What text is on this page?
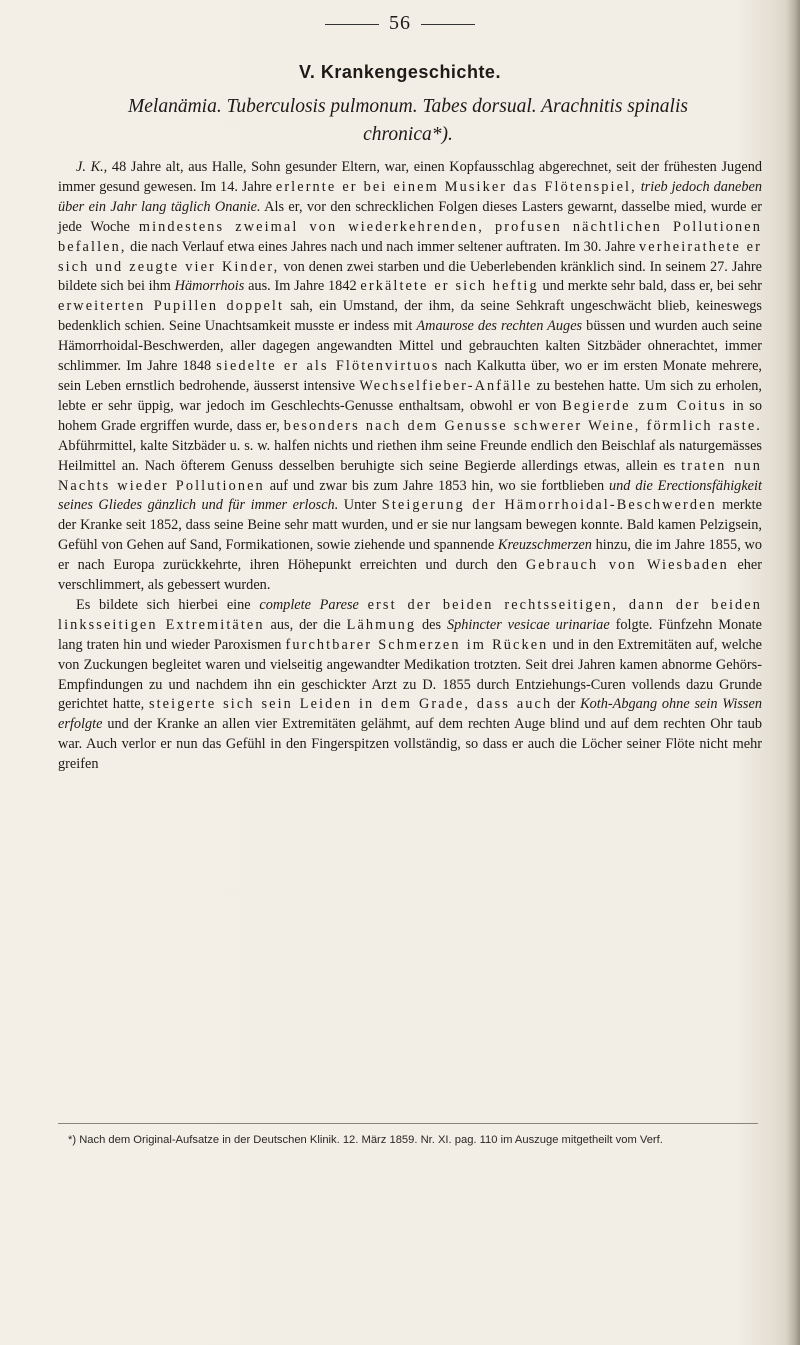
56
V. Krankengeschichte.
Melanämia. Tuberculosis pulmonum. Tabes dorsual. Arachnitis spinalis
chronica*).

J. K., 48 Jahre alt, aus Halle, Sohn gesunder Eltern, war, einen Kopfausschlag abgerechnet, seit der frühesten Jugend immer gesund gewesen. Im 14. Jahre erlernte er bei einem Musiker das Flötenspiel, trieb jedoch daneben über ein Jahr lang täglich Onanie. Als er, vor den schrecklichen Folgen dieses Lasters gewarnt, dasselbe mied, wurde er jede Woche mindestens zweimal von wiederkehrenden, profusen nächtlichen Pollutionen befallen, die nach Verlauf etwa eines Jahres nach und nach immer seltener auftraten. Im 30. Jahre verheirathete er sich und zeugte vier Kinder, von denen zwei starben und die Ueberlebenden kränklich sind. In seinem 27. Jahre bildete sich bei ihm Hämorrhois aus. Im Jahre 1842 erkältete er sich heftig und merkte sehr bald, dass er, bei sehr erweiterten Pupillen doppelt sah, ein Umstand, der ihm, da seine Sehkraft ungeschwächt blieb, keineswegs bedenklich schien. Seine Unachtsamkeit musste er indess mit Amaurose des rechten Auges büssen und wurden auch seine Hämorrhoidal-Beschwerden, aller dagegen angewandten Mittel und gebrauchten kalten Sitzbäder ohnerachtet, immer schlimmer. Im Jahre 1848 siedelte er als Flötenvirtuos nach Kalkutta über, wo er im ersten Monate mehrere, sein Leben ernstlich bedrohende, äusserst intensive Wechselfieber-Anfälle zu bestehen hatte. Um sich zu erholen, lebte er sehr üppig, war jedoch im Geschlechts-Genusse enthaltsam, obwohl er von Begierde zum Coitus in so hohem Grade ergriffen wurde, dass er, besonders nach dem Genusse schwerer Weine, förmlich raste. Abführmittel, kalte Sitzbäder u. s. w. halfen nichts und riethen ihm seine Freunde endlich den Beischlaf als naturgemässes Heilmittel an. Nach öfterem Genuss desselben beruhigte sich seine Begierde allerdings etwas, allein es traten nun Nachts wieder Pollutionen auf und zwar bis zum Jahre 1853 hin, wo sie fortblieben und die Erectionsfähigkeit seines Gliedes gänzlich und für immer erlosch. Unter Steigerung der Hämorrhoidal-Beschwerden merkte der Kranke seit 1852, dass seine Beine sehr matt wurden, und er sie nur langsam bewegen konnte. Bald kamen Pelzigsein, Gefühl von Gehen auf Sand, Formikationen, sowie ziehende und spannende Kreuzschmerzen hinzu, die im Jahre 1855, wo er nach Europa zurückkehrte, ihren Höhepunkt erreichten und durch den Gebrauch von Wiesbaden eher verschlimmert, als gebessert wurden.

Es bildete sich hierbei eine complete Parese erst der beiden rechtsseitigen, dann der beiden linksseitigen Extremitäten aus, der die Lähmung des Sphincter vesicae urinariae folgte. Fünfzehn Monate lang traten hin und wieder Paroxismen furchtbarer Schmerzen im Rücken und in den Extremitäten auf, welche von Zuckungen begleitet waren und vielseitig angewandter Medikation trotzten. Seit drei Jahren kamen abnorme Gehörs-Empfindungen zu und nachdem ihn ein geschickter Arzt zu D. 1855 durch Entziehungs-Curen vollends dazu Grunde gerichtet hatte, steigerte sich sein Leiden in dem Grade, dass auch der Koth-Abgang ohne sein Wissen erfolgte und der Kranke an allen vier Extremitäten gelähmt, auf dem rechten Auge blind und auf dem rechten Ohr taub war. Auch verlor er nun das Gefühl in den Fingerspitzen vollständig, so dass er auch die Löcher seiner Flöte nicht mehr greifen

*) Nach dem Original-Aufsatze in der Deutschen Klinik. 12. März 1859. Nr. XI. pag. 110 im Auszuge mitgetheilt vom Verf.
